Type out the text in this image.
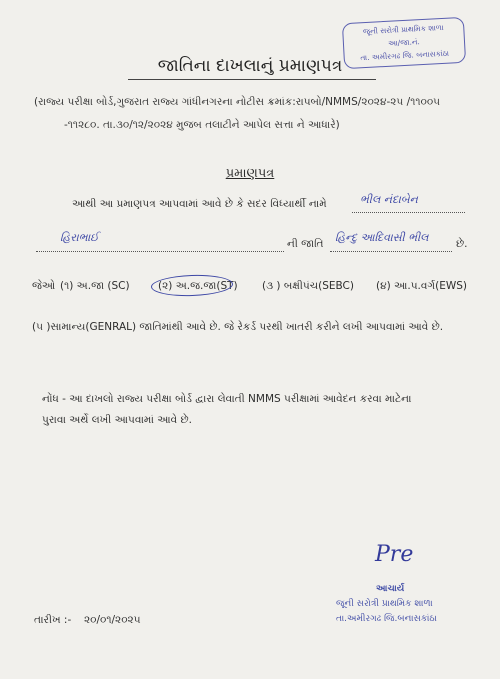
જૂની સરોત્રી પ્રાથમિક શાળા
આ/જા.નં.
તા. અમીરગઢ જિ. બનાસકાંઠા
જાતિના દાખલાનું પ્રમાણપત્ર
(રાજ્ય પરીક્ષા બોર્ડ,ગુજરાત રાજ્ય ગાંધીનગરના નોટીસ ક્રમાંક:રાપબો/NMMS/૨૦૨૪-૨૫ /૧૧૦૦૫
-૧૧૨૮૦. તા.૩૦/૧૨/૨૦૨૪ મુજબ તલાટીને આપેલ સત્તા ને આધારે)
પ્રમાણપત્ર
આથી આ પ્રમાણપત્ર આપવામાં આવે છે કે સદર વિધ્યાર્થી નામે	ભીલ નંદાબેન
હિરાભાઈ	ની જાતિ હિન્દુ આદિવાસી ભીલ	છે.
જેઓ (૧) અ.જા (SC)	(૨) અ.જ.જા(ST) (૩ ) બક્ષીપંચ(SEBC) (૪) આ.પ.વર્ગ(EWS)
(૫ )સામાન્ય(GENRAL) જાતિમાંથી આવે છે. જે રેકર્ડ પરથી ખાતરી કરીને લખી આપવામાં આવે છે.
નોંધ - આ દાખલો રાજ્ય પરીક્ષા બોર્ડ દ્વારા લેવાતી NMMS પરીક્ષામાં આવેદન કરવા માટેના
પુરાવા અર્થે લખી આપવામાં આવે છે.
Pre
આચાર્ય
જૂની સરોત્રી પ્રાથમિક શાળા
તા.અમીરગઢ જિ.બનાસકાંઠા
તારીખ :- ૨૦/૦૧/૨૦૨૫
